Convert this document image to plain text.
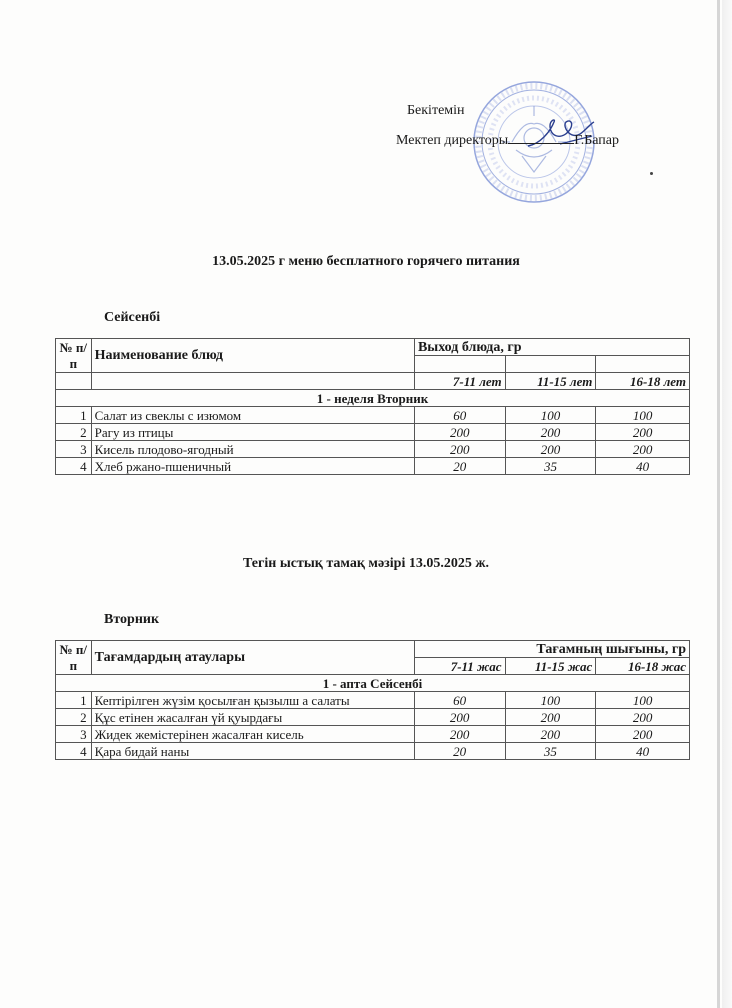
Бекітемін
Мектеп директоры	Г.Бапар
13.05.2025 г меню бесплатного горячего питания
Сейсенбі
№ п/п	Наименование блюд	Выход блюда, гр		

		7-11 лет	11-15 лет	16-18 лет
1 - неделя Вторник				
1	Салат из свеклы с изюмом	60	100	100
2	Рагу из птицы	200	200	200
3	Кисель плодово-ягодный	200	200	200
4	Хлеб ржано-пшеничный	20	35	40
Тегін ыстық тамақ мәзірі 13.05.2025 ж.
Вторник
№ п/п	Тағамдардың атаулары	Тағамның шығыны, гр		
		7-11 жас	11-15 жас	16-18 жас
1 - апта Сейсенбі				
1	Кептірілген жүзім қосылған қызылш а салаты	60	100	100
2	Құс етінен жасалған үй қуырдағы	200	200	200
3	Жидек жемістерінен жасалған кисель	200	200	200
4	Қара бидай наны	20	35	40
